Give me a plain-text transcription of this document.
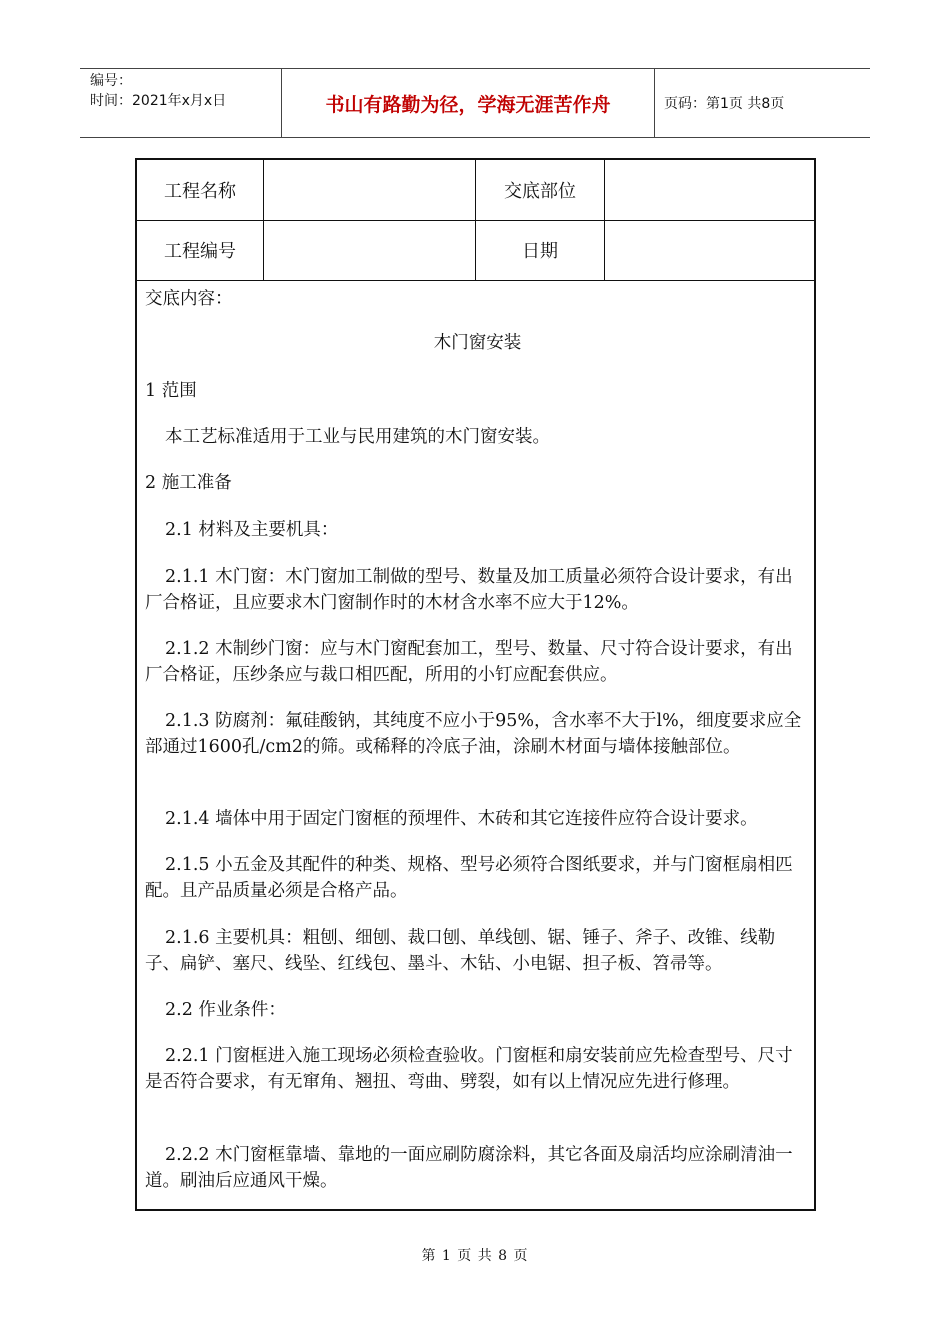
编号：
时间：2021年x月x日	书山有路勤为径，学海无涯苦作舟	页码：第1页 共8页
工程名称	交底部位
工程编号	日期

交底内容：

木门窗安装

1 范围

本工艺标准适用于工业与民用建筑的木门窗安装。

2 施工准备

2.1 材料及主要机具：

2.1.1 木门窗：木门窗加工制做的型号、数量及加工质量必须符合设计要求，有出厂合格证，且应要求木门窗制作时的木材含水率不应大于12%。

2.1.2 木制纱门窗：应与木门窗配套加工，型号、数量、尺寸符合设计要求，有出厂合格证，压纱条应与裁口相匹配，所用的小钉应配套供应。

2.1.3 防腐剂：氟硅酸钠，其纯度不应小于95%，含水率不大于l%，细度要求应全部通过1600孔/cm2的筛。或稀释的冷底子油，涂刷木材面与墙体接触部位。

2.1.4 墙体中用于固定门窗框的预埋件、木砖和其它连接件应符合设计要求。

2.1.5 小五金及其配件的种类、规格、型号必须符合图纸要求，并与门窗框扇相匹配。且产品质量必须是合格产品。

2.1.6 主要机具：粗刨、细刨、裁口刨、单线刨、锯、锤子、斧子、改锥、线勒子、扁铲、塞尺、线坠、红线包、墨斗、木钻、小电锯、担子板、笤帚等。

2.2 作业条件：

2.2.1 门窗框进入施工现场必须检查验收。门窗框和扇安装前应先检查型号、尺寸是否符合要求，有无窜角、翘扭、弯曲、劈裂，如有以上情况应先进行修理。

2.2.2 木门窗框靠墙、靠地的一面应刷防腐涂料，其它各面及扇活均应涂刷清油一道。刷油后应通风干燥。

第 1 页 共 8 页
